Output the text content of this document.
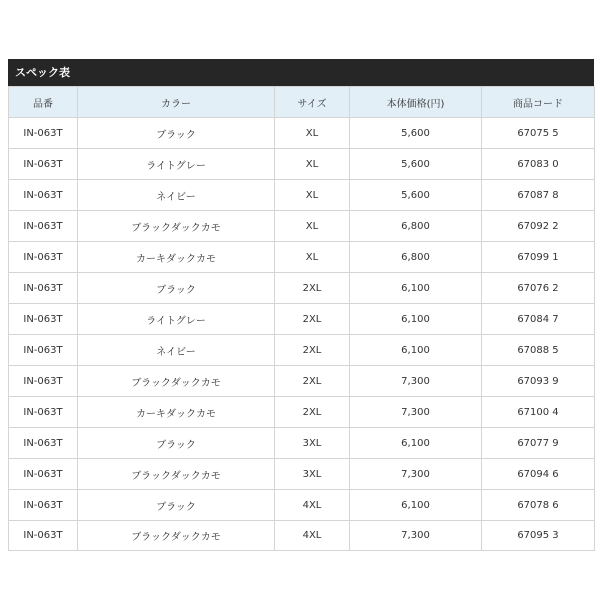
スペック表
品番	カラー	サイズ	本体価格(円)	商品コード
IN-063T	ブラック	XL	5,600	67075 5
IN-063T	ライトグレー	XL	5,600	67083 0
IN-063T	ネイビー	XL	5,600	67087 8
IN-063T	ブラックダックカモ	XL	6,800	67092 2
IN-063T	カーキダックカモ	XL	6,800	67099 1
IN-063T	ブラック	2XL	6,100	67076 2
IN-063T	ライトグレー	2XL	6,100	67084 7
IN-063T	ネイビー	2XL	6,100	67088 5
IN-063T	ブラックダックカモ	2XL	7,300	67093 9
IN-063T	カーキダックカモ	2XL	7,300	67100 4
IN-063T	ブラック	3XL	6,100	67077 9
IN-063T	ブラックダックカモ	3XL	7,300	67094 6
IN-063T	ブラック	4XL	6,100	67078 6
IN-063T	ブラックダックカモ	4XL	7,300	67095 3
